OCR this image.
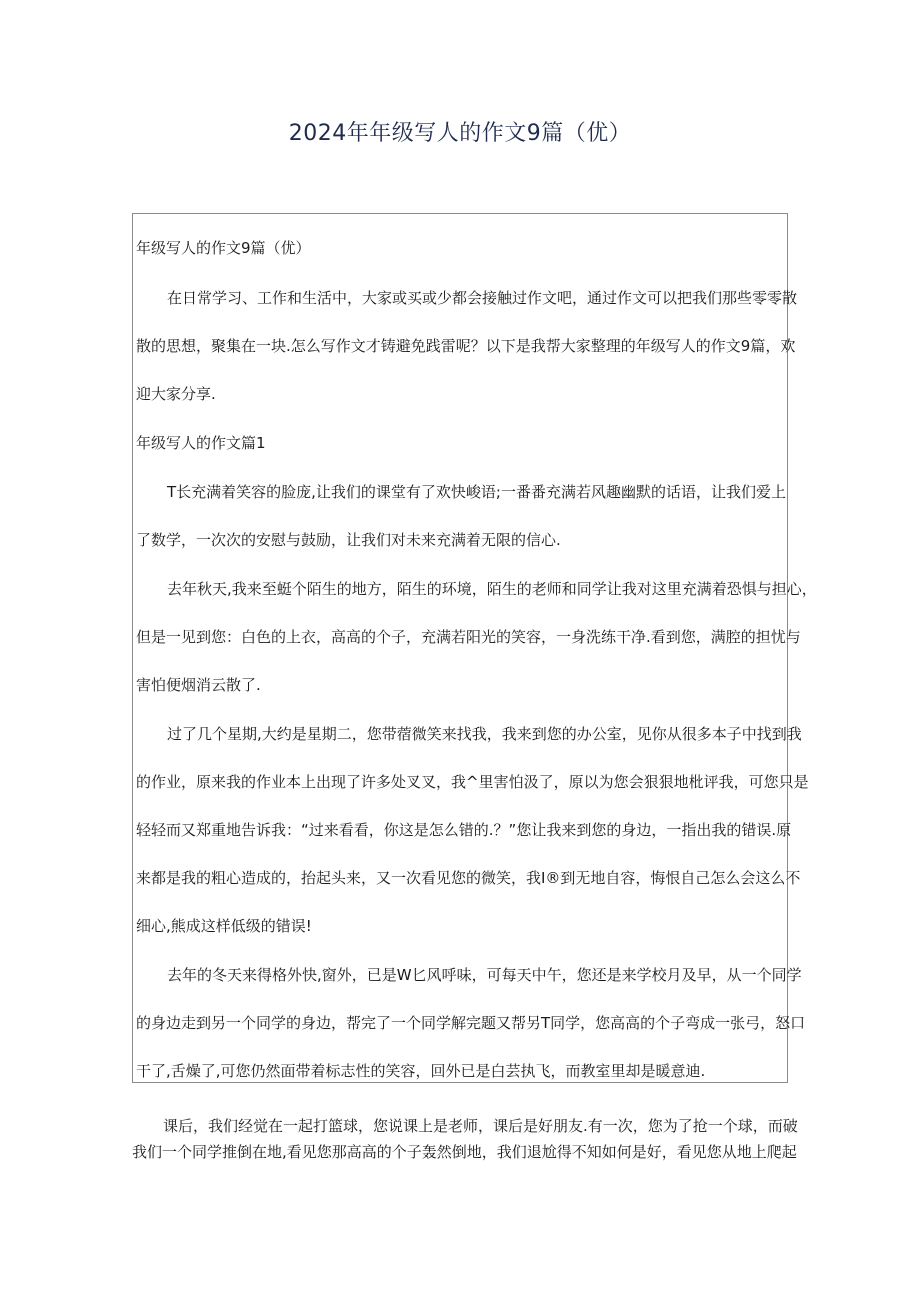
2024年年级写人的作文9篇（优）
年级写人的作文9篇（优）
在日常学习、工作和生活中，大家或买或少都会接触过作文吧，通过作文可以把我们那些零零散
散的思想，聚集在一块.怎么写作文才铸避免践雷呢？以下是我帮大家整理的年级写人的作文9篇，欢
迎大家分享.
年级写人的作文篇1
T长充满着笑容的脸庞,让我们的课堂有了欢快峻语;一番番充满若风趣幽默的话语，让我们爱上
了数学，一次次的安慰与鼓励，让我们对未来充满着无限的信心.
去年秋天,我来至蜓个陌生的地方，陌生的环境，陌生的老师和同学让我对这里充满着恐惧与担心，
但是一见到您：白色的上衣，高高的个子，充满若阳光的笑容，一身洗练干净.看到您，满腔的担忧与
害怕便烟消云散了.
过了几个星期,大约是星期二，您带蓿微笑来找我，我来到您的办公室，见你从很多本子中找到我
的作业，原来我的作业本上出现了许多处叉叉，我^里害怕汲了，原以为您会狠狠地枇评我，可您只是
轻轻而又郑重地告诉我：“过来看看，你这是怎么错的.？”您让我来到您的身边，一指出我的错误.原
来都是我的粗心造成的，抬起头来，又一次看见您的微笑，我Ⅰ®到无地自容，悔恨自己怎么会这么不
细心,熊成这样低级的错误!
去年的冬天来得格外快,窗外，已是W匕风呼味，可每天中午，您还是来学校月及早，从一个同学
的身边走到另一个同学的身边，帮完了一个同学解完题又帮另T同学，您高高的个子弯成一张弓，怒口
干了,舌燥了,可您仍然面带着标志性的笑容，回外已是白芸执飞，而教室里却是暖意迪.
课后，我们经觉在一起打篮球，您说课上是老师，课后是好朋友.有一次，您为了抢一个球，而破
我们一个同学推倒在地,看见您那高高的个子轰然倒地，我们退尬得不知如何是好，看见您从地上爬起
